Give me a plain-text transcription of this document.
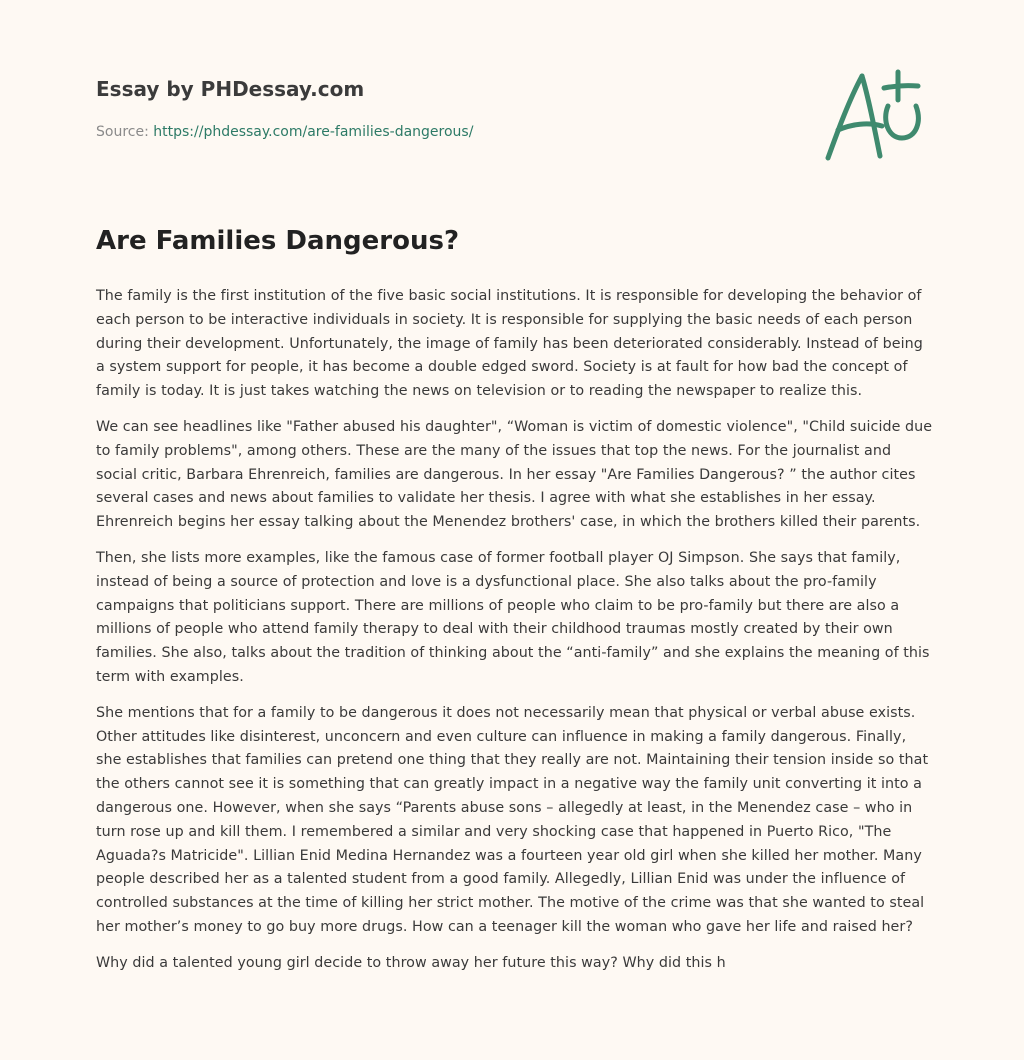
Essay by PHDessay.com

Source: https://phdessay.com/are-families-dangerous/

Are Families Dangerous?

The family is the first institution of the five basic social institutions. It is responsible for developing the behavior of each person to be interactive individuals in society. It is responsible for supplying the basic needs of each person during their development. Unfortunately, the image of family has been deteriorated considerably. Instead of being a system support for people, it has become a double edged sword. Society is at fault for how bad the concept of family is today. It is just takes watching the news on television or to reading the newspaper to realize this.

We can see headlines like "Father abused his daughter", “Woman is victim of domestic violence", "Child suicide due to family problems", among others. These are the many of the issues that top the news. For the journalist and social critic, Barbara Ehrenreich, families are dangerous. In her essay "Are Families Dangerous? ” the author cites several cases and news about families to validate her thesis. I agree with what she establishes in her essay. Ehrenreich begins her essay talking about the Menendez brothers' case, in which the brothers killed their parents.

Then, she lists more examples, like the famous case of former football player OJ Simpson. She says that family, instead of being a source of protection and love is a dysfunctional place. She also talks about the pro-family campaigns that politicians support. There are millions of people who claim to be pro-family but there are also a millions of people who attend family therapy to deal with their childhood traumas mostly created by their own families. She also, talks about the tradition of thinking about the “anti-family” and she explains the meaning of this term with examples.

She mentions that for a family to be dangerous it does not necessarily mean that physical or verbal abuse exists. Other attitudes like disinterest, unconcern and even culture can influence in making a family dangerous. Finally, she establishes that families can pretend one thing that they really are not. Maintaining their tension inside so that the others cannot see it is something that can greatly impact in a negative way the family unit converting it into a dangerous one. However, when she says “Parents abuse sons – allegedly at least, in the Menendez case – who in turn rose up and kill them. I remembered a similar and very shocking case that happened in Puerto Rico, "The Aguada?s Matricide". Lillian Enid Medina Hernandez was a fourteen year old girl when she killed her mother. Many people described her as a talented student from a good family. Allegedly, Lillian Enid was under the influence of controlled substances at the time of killing her strict mother. The motive of the crime was that she wanted to steal her mother’s money to go buy more drugs. How can a teenager kill the woman who gave her life and raised her?

Why did a talented young girl decide to throw away her future this way? Why did this h
